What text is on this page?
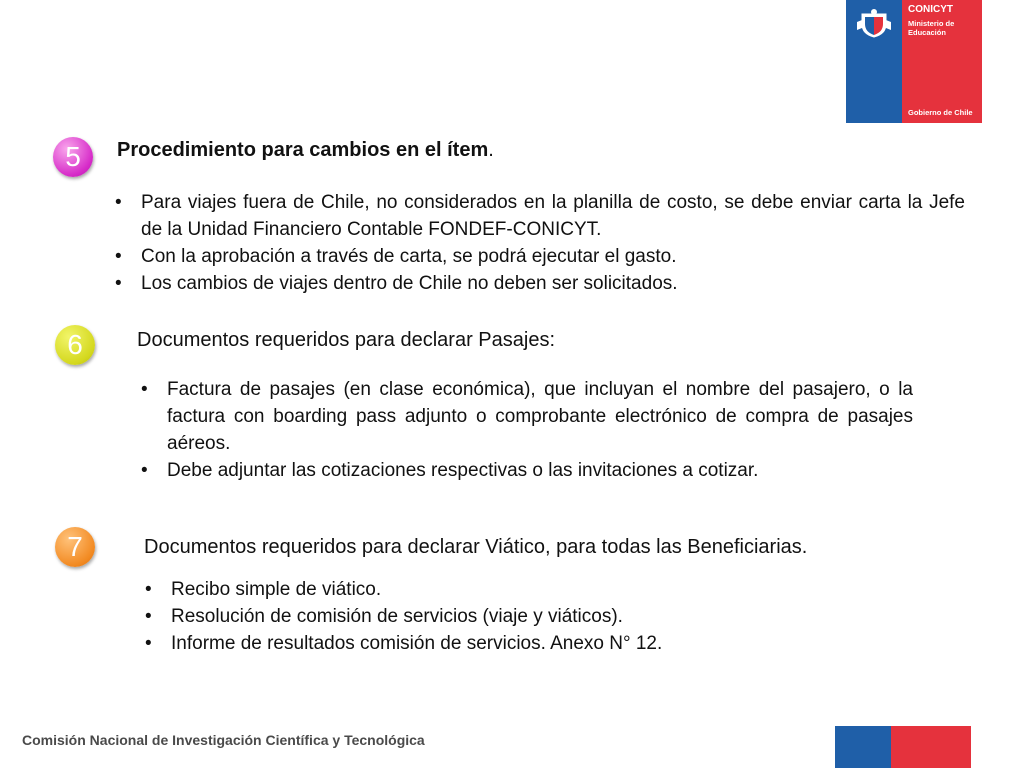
CONICYT
Ministerio de
Educación
Gobierno de Chile
5	Procedimiento para cambios en el ítem.
• Para viajes fuera de Chile, no considerados en la planilla de costo, se debe enviar carta la Jefe de la Unidad Financiero Contable FONDEF-CONICYT.
• Con la aprobación a través de carta, se podrá ejecutar el gasto.
• Los cambios de viajes dentro de Chile no deben ser solicitados.
6	Documentos requeridos para declarar Pasajes:
• Factura de pasajes (en clase económica), que incluyan el nombre del pasajero, o la factura con boarding pass adjunto o comprobante electrónico de compra de pasajes aéreos.
• Debe adjuntar las cotizaciones respectivas o las invitaciones a cotizar.
7	Documentos requeridos para declarar Viático, para todas las Beneficiarias.
• Recibo simple de viático.
• Resolución de comisión de servicios (viaje y viáticos).
• Informe de resultados comisión de servicios. Anexo N° 12.
Comisión Nacional de Investigación Científica y Tecnológica
